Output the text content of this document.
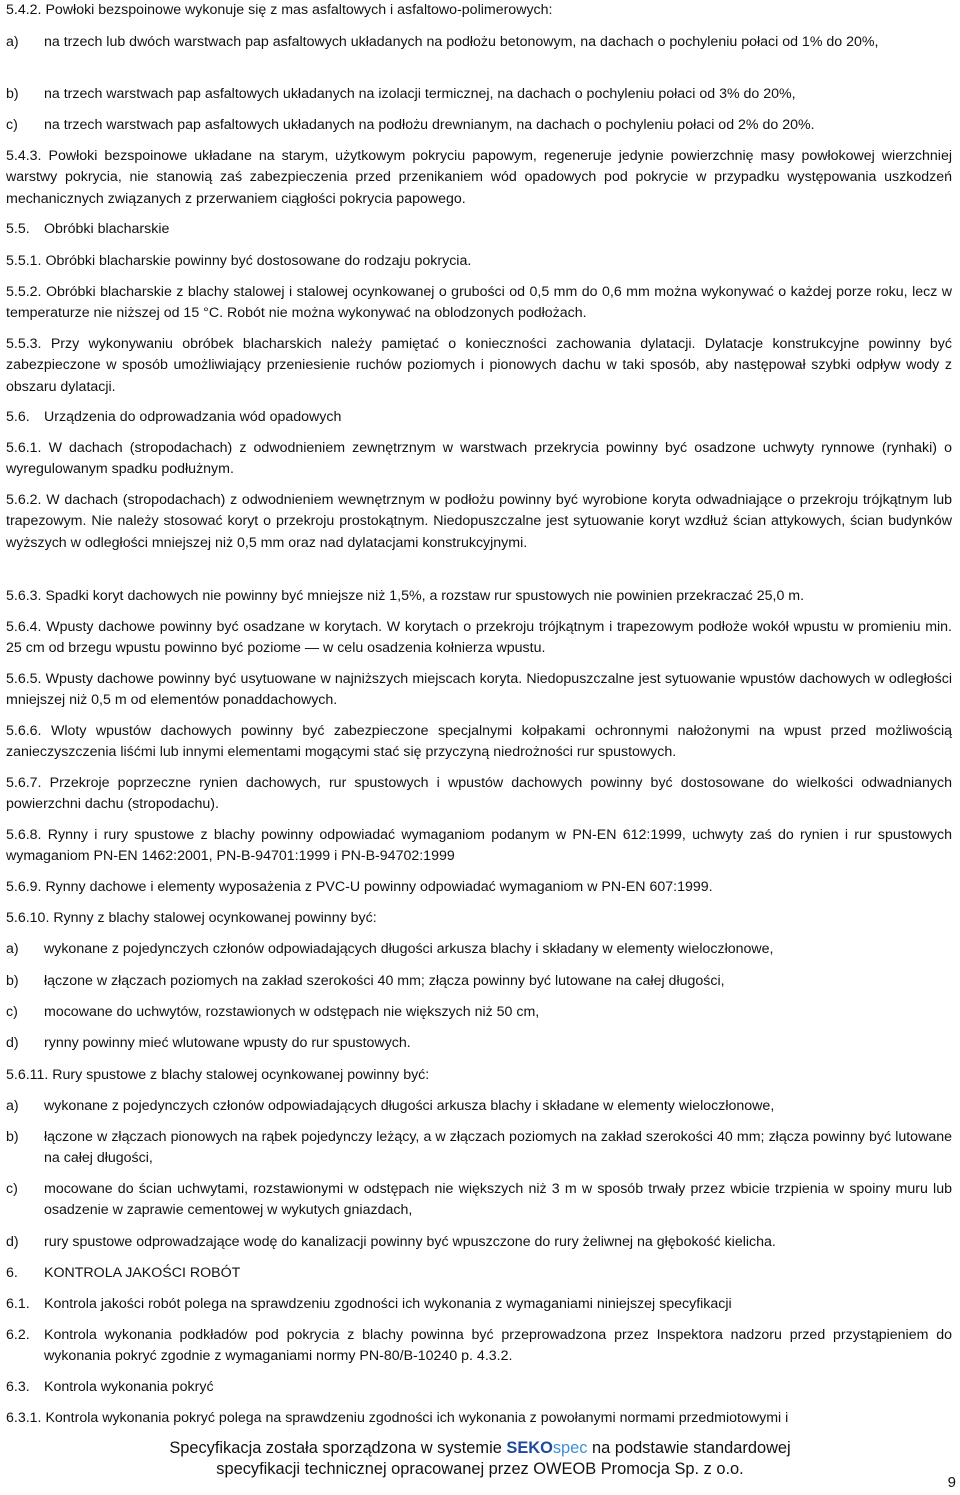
5.4.2. Powłoki bezspoinowe wykonuje się z mas asfaltowych i asfaltowo-polimerowych:
a)	na trzech lub dwóch warstwach pap asfaltowych układanych na podłożu betonowym, na dachach o pochyleniu połaci od 1% do 20%,
b)	na trzech warstwach pap asfaltowych układanych na izolacji termicznej, na dachach o pochyleniu połaci od 3% do 20%,
c)	na trzech warstwach pap asfaltowych układanych na podłożu drewnianym, na dachach o pochyleniu połaci od 2% do 20%.
5.4.3. Powłoki bezspoinowe układane na starym, użytkowym pokryciu papowym, regeneruje jedynie powierzchnię masy powłokowej wierzchniej warstwy pokrycia, nie stanowią zaś zabezpieczenia przed przenikaniem wód opadowych pod pokrycie w przypadku występowania uszkodzeń mechanicznych związanych z przerwaniem ciągłości pokrycia papowego.
5.5.	Obróbki blacharskie
5.5.1. Obróbki blacharskie powinny być dostosowane do rodzaju pokrycia.
5.5.2. Obróbki blacharskie z blachy stalowej i stalowej ocynkowanej o grubości od 0,5 mm do 0,6 mm można wykonywać o każdej porze roku, lecz w temperaturze nie niższej od 15 °C. Robót nie można wykonywać na oblodzonych podłożach.
5.5.3. Przy wykonywaniu obróbek blacharskich należy pamiętać o konieczności zachowania dylatacji. Dylatacje konstrukcyjne powinny być zabezpieczone w sposób umożliwiający przeniesienie ruchów poziomych i pionowych dachu w taki sposób, aby następował szybki odpływ wody z obszaru dylatacji.
5.6.	Urządzenia do odprowadzania wód opadowych
5.6.1. W dachach (stropodachach) z odwodnieniem zewnętrznym w warstwach przekrycia powinny być osadzone uchwyty rynnowe (rynhaki) o wyregulowanym spadku podłużnym.
5.6.2. W dachach (stropodachach) z odwodnieniem wewnętrznym w podłożu powinny być wyrobione koryta odwadniające o przekroju trójkątnym lub trapezowym. Nie należy stosować koryt o przekroju prostokątnym. Niedopuszczalne jest sytuowanie koryt wzdłuż ścian attykowych, ścian budynków wyższych w odległości mniejszej niż 0,5 mm oraz nad dylatacjami konstrukcyjnymi.
5.6.3. Spadki koryt dachowych nie powinny być mniejsze niż 1,5%, a rozstaw rur spustowych nie powinien przekraczać 25,0 m.
5.6.4. Wpusty dachowe powinny być osadzane w korytach. W korytach o przekroju trójkątnym i trapezowym podłoże wokół wpustu w promieniu min. 25 cm od brzegu wpustu powinno być poziome — w celu osadzenia kołnierza wpustu.
5.6.5. Wpusty dachowe powinny być usytuowane w najniższych miejscach koryta. Niedopuszczalne jest sytuowanie wpustów dachowych w odległości mniejszej niż 0,5 m od elementów ponaddachowych.
5.6.6. Wloty wpustów dachowych powinny być zabezpieczone specjalnymi kołpakami ochronnymi nałożonymi na wpust przed możliwością zanieczyszczenia liśćmi lub innymi elementami mogącymi stać się przyczyną niedrożności rur spustowych.
5.6.7. Przekroje poprzeczne rynien dachowych, rur spustowych i wpustów dachowych powinny być dostosowane do wielkości odwadnianych powierzchni dachu (stropodachu).
5.6.8. Rynny i rury spustowe z blachy powinny odpowiadać wymaganiom podanym w PN-EN 612:1999, uchwyty zaś do rynien i rur spustowych wymaganiom PN-EN 1462:2001, PN-B-94701:1999 i PN-B-94702:1999
5.6.9. Rynny dachowe i elementy wyposażenia z PVC-U powinny odpowiadać wymaganiom w PN-EN 607:1999.
5.6.10. Rynny z blachy stalowej ocynkowanej powinny być:
a)	wykonane z pojedynczych członów odpowiadających długości arkusza blachy i składany w elementy wieloczłonowe,
b)	łączone w złączach poziomych na zakład szerokości 40 mm; złącza powinny być lutowane na całej długości,
c)	mocowane do uchwytów, rozstawionych w odstępach nie większych niż 50 cm,
d)	rynny powinny mieć wlutowane wpusty do rur spustowych.
5.6.11. Rury spustowe z blachy stalowej ocynkowanej powinny być:
a)	wykonane z pojedynczych członów odpowiadających długości arkusza blachy i składane w elementy wieloczłonowe,
b)	łączone w złączach pionowych na rąbek pojedynczy leżący, a w złączach poziomych na zakład szerokości 40 mm; złącza powinny być lutowane na całej długości,
c)	mocowane do ścian uchwytami, rozstawionymi w odstępach nie większych niż 3 m w sposób trwały przez wbicie trzpienia w spoiny muru lub osadzenie w zaprawie cementowej w wykutych gniazdach,
d)	rury spustowe odprowadzające wodę do kanalizacji powinny być wpuszczone do rury żeliwnej na głębokość kielicha.
6.	KONTROLA JAKOŚCI ROBÓT
6.1.	Kontrola jakości robót polega na sprawdzeniu zgodności ich wykonania z wymaganiami niniejszej specyfikacji
6.2.	Kontrola wykonania podkładów pod pokrycia z blachy powinna być przeprowadzona przez Inspektora nadzoru przed przystąpieniem do wykonania pokryć zgodnie z wymaganiami normy PN-80/B-10240 p. 4.3.2.
6.3.	Kontrola wykonania pokryć
6.3.1. Kontrola wykonania pokryć polega na sprawdzeniu zgodności ich wykonania z powołanymi normami przedmiotowymi i
Specyfikacja została sporządzona w systemie SEKOspec na podstawie standardowej
specyfikacji technicznej opracowanej przez OWEOB Promocja Sp. z o.o.
9
